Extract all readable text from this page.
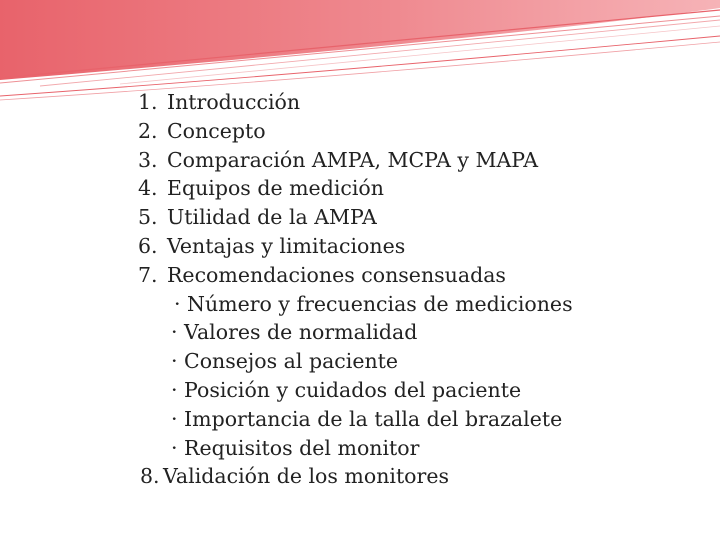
1. Introducción
2. Concepto
3. Comparación AMPA, MCPA y MAPA
4. Equipos de medición
5. Utilidad de la AMPA
6. Ventajas y limitaciones
7. Recomendaciones consensuadas
· Número y frecuencias de mediciones
· Valores de normalidad
· Consejos al paciente
· Posición y cuidados del paciente
· Importancia de la talla del brazalete
· Requisitos del monitor
8. Validación de los monitores
